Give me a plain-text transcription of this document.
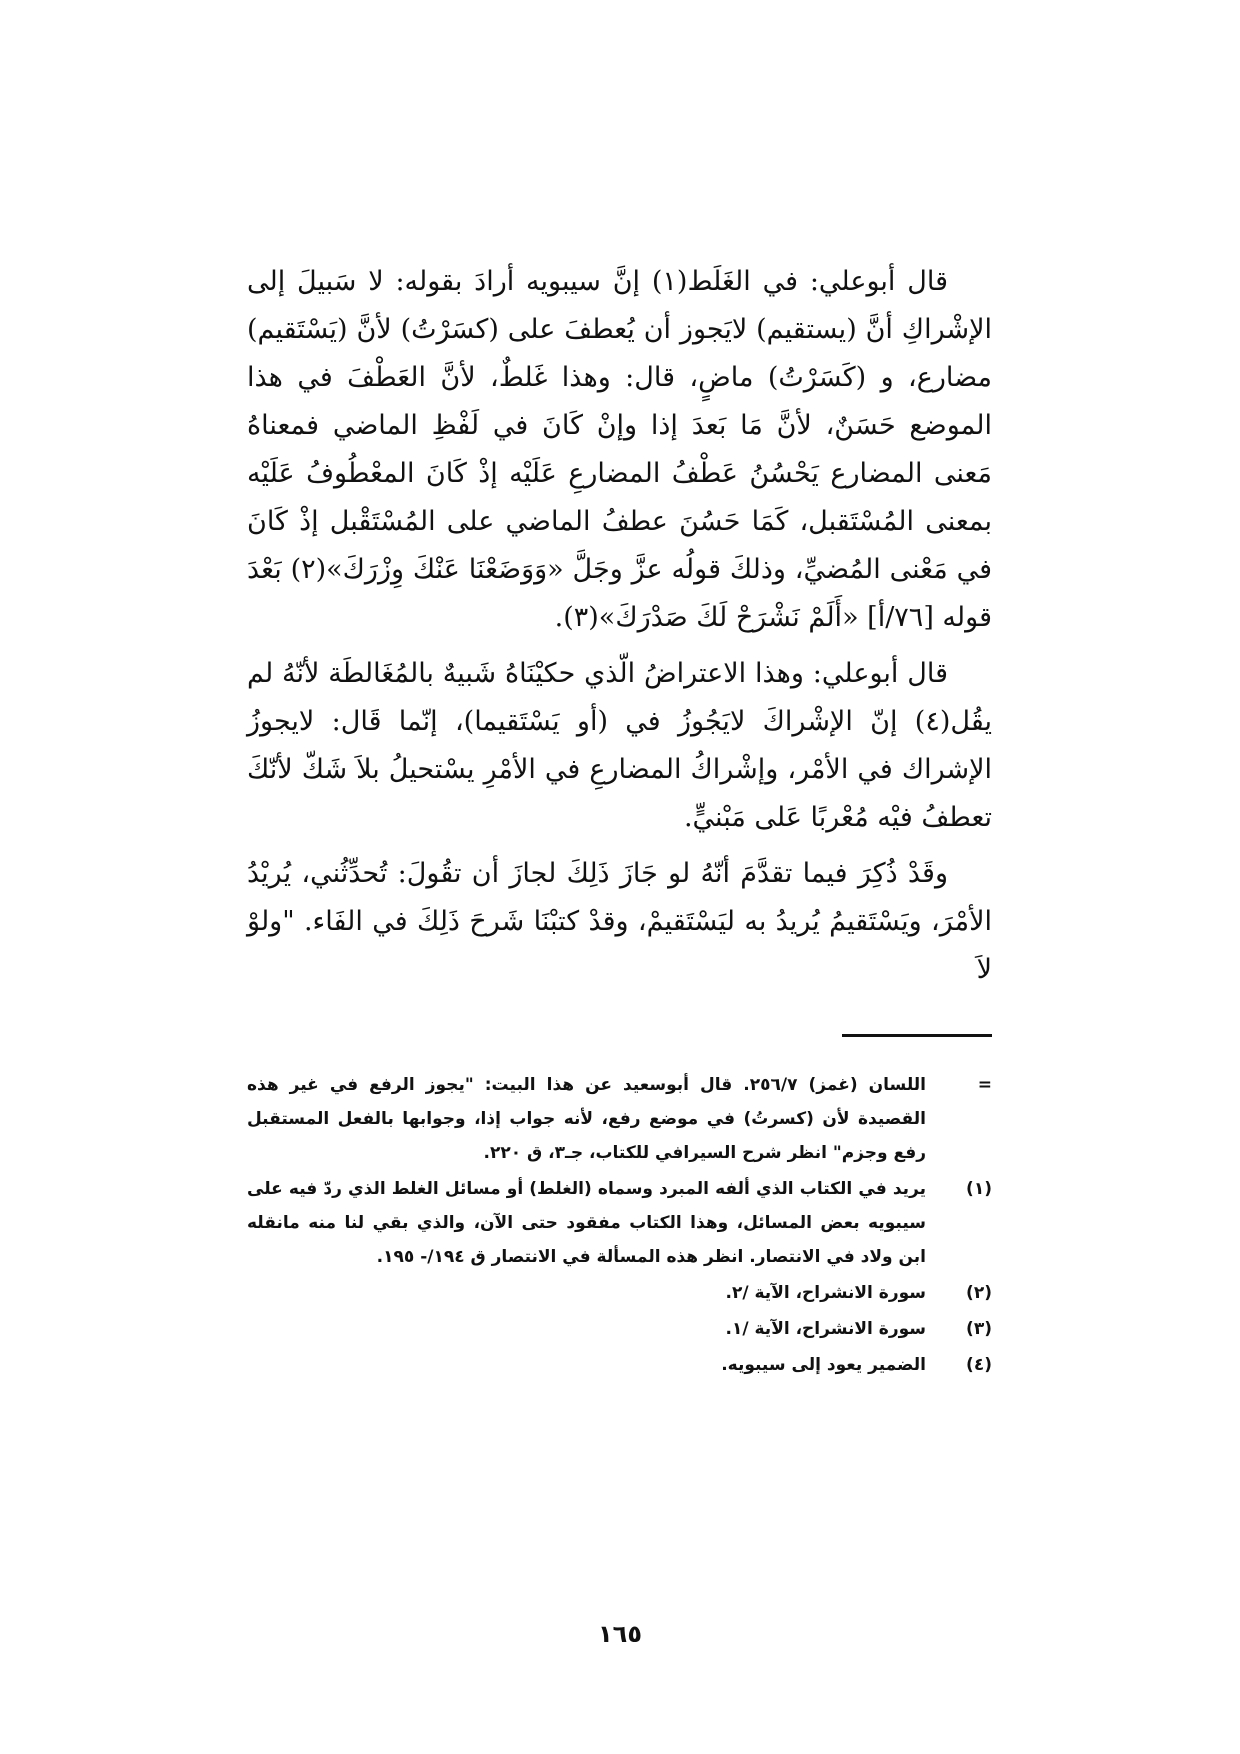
قال أبوعلي: في الغَلَط(١) إنَّ سيبويه أرادَ بقوله: لا سَبيلَ إلى الإشْراكِ أنَّ (يستقيم) لايَجوز أن يُعطفَ على (كسَرْتُ) لأنَّ (يَسْتَقيم) مضارع، و (كَسَرْتُ) ماضٍ، قال: وهذا غَلطٌ، لأنَّ العَطْفَ في هذا الموضع حَسَنٌ، لأنَّ مَا بَعدَ إذا وإنْ كَانَ في لَفْظِ الماضي فمعناهُ مَعنى المضارع يَحْسُنُ عَطْفُ المضارعِ عَلَيْه إذْ كَانَ المعْطُوفُ عَلَيْه بمعنى المُسْتَقبل، كَمَا حَسُنَ عطفُ الماضي على المُسْتَقْبل إذْ كَانَ في مَعْنى المُضيِّ، وذلكَ قولُه عزَّ وجَلَّ «وَوَضَعْنَا عَنْكَ وِزْرَكَ»(٢) بَعْدَ قوله [٧٦/أ] «أَلَمْ نَشْرَحْ لَكَ صَدْرَكَ»(٣).

قال أبوعلي: وهذا الاعتراضُ الّذي حكيْنَاهُ شَبيهٌ بالمُغَالطَة لأنّهُ لم يقُل(٤) إنّ الإشْراكَ لايَجُوزُ في (أو يَسْتَقيما)، إنّما قَال: لايجوزُ الإشراك في الأمْر، وإشْراكُ المضارعِ في الأمْرِ يسْتحيلُ بلاَ شَكّ لأنّكَ تعطفُ فيْه مُعْربًا عَلى مَبْنيٍّ.

وقَدْ ذُكِرَ فيما تقدَّمَ أنّهُ لو جَازَ ذَلِكَ لجازَ أن تقُولَ: تُحدِّثُني، يُريْدُ الأمْرَ، ويَسْتَقيمُ يُريدُ به ليَسْتَقيمْ، وقدْ كتبْنَا شَرحَ ذَلِكَ في الفَاء. "ولوْ لاَ

=
اللسان (غمز) ٢٥٦/٧. قال أبوسعيد عن هذا البيت: "يجوز الرفع في غير هذه القصيدة لأن (كسرتُ) في موضع رفع، لأنه جواب إذا، وجوابها بالفعل المستقبل رفع وجزم" انظر شرح السيرافي للكتاب، جـ٣، ق ٢٢٠.
(١)
يريد في الكتاب الذي ألفه المبرد وسماه (الغلط) أو مسائل الغلط الذي ردّ فيه على سيبويه بعض المسائل، وهذا الكتاب مفقود حتى الآن، والذي بقي لنا منه مانقله ابن ولاد في الانتصار. انظر هذه المسألة في الانتصار ق ١٩٤/- ١٩٥.
(٢)
سورة الانشراح، الآية /٢.
(٣)
سورة الانشراح، الآية /١.
(٤)
الضمير يعود إلى سيبويه.
١٦٥
